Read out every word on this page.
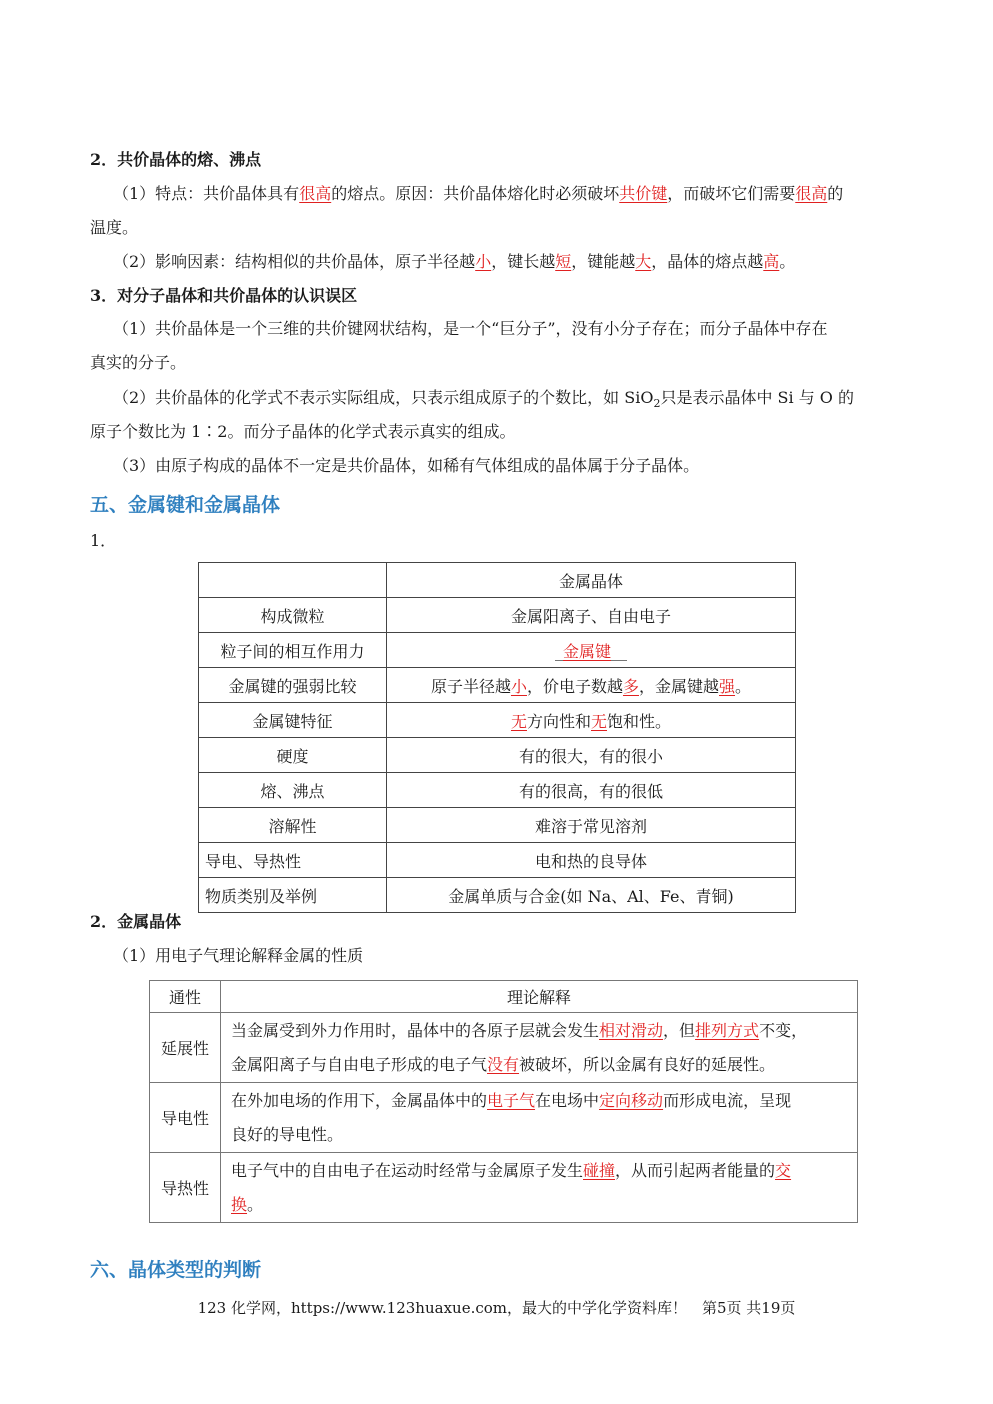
2．共价晶体的熔、沸点
（1）特点：共价晶体具有很高的熔点。原因：共价晶体熔化时必须破坏共价键，而破坏它们需要很高的
温度。
（2）影响因素：结构相似的共价晶体，原子半径越小，键长越短，键能越大，晶体的熔点越高。
3．对分子晶体和共价晶体的认识误区
（1）共价晶体是一个三维的共价键网状结构，是一个“巨分子”，没有小分子存在；而分子晶体中存在
真实的分子。
（2）共价晶体的化学式不表示实际组成，只表示组成原子的个数比，如 SiO$_2$只是表示晶体中 Si 与 O 的
原子个数比为 1∶2。而分子晶体的化学式表示真实的组成。
（3）由原子构成的晶体不一定是共价晶体，如稀有气体组成的晶体属于分子晶体。
五、金属键和金属晶体
1．
	金属晶体
构成微粒	金属阳离子、自由电子
粒子间的相互作用力	_金属键__
金属键的强弱比较	原子半径越小，价电子数越多，金属键越强。
金属键特征	无方向性和无饱和性。
硬度	有的很大，有的很小
熔、沸点	有的很高，有的很低
溶解性	难溶于常见溶剂
导电、导热性	电和热的良导体
物质类别及举例	金属单质与合金(如 Na、Al、Fe、青铜)
2．金属晶体
（1）用电子气理论解释金属的性质
通性	理论解释
延展性	当金属受到外力作用时，晶体中的各原子层就会发生相对滑动，但排列方式不变，
金属阳离子与自由电子形成的电子气没有被破坏，所以金属有良好的延展性。

导电性	在外加电场的作用下，金属晶体中的电子气在电场中定向移动而形成电流，呈现
良好的导电性。

导热性	电子气中的自由电子在运动时经常与金属原子发生碰撞，从而引起两者能量的交
换。
六、晶体类型的判断
123 化学网，https://www.123huaxue.com，最大的中学化学资料库！　第5页 共19页
